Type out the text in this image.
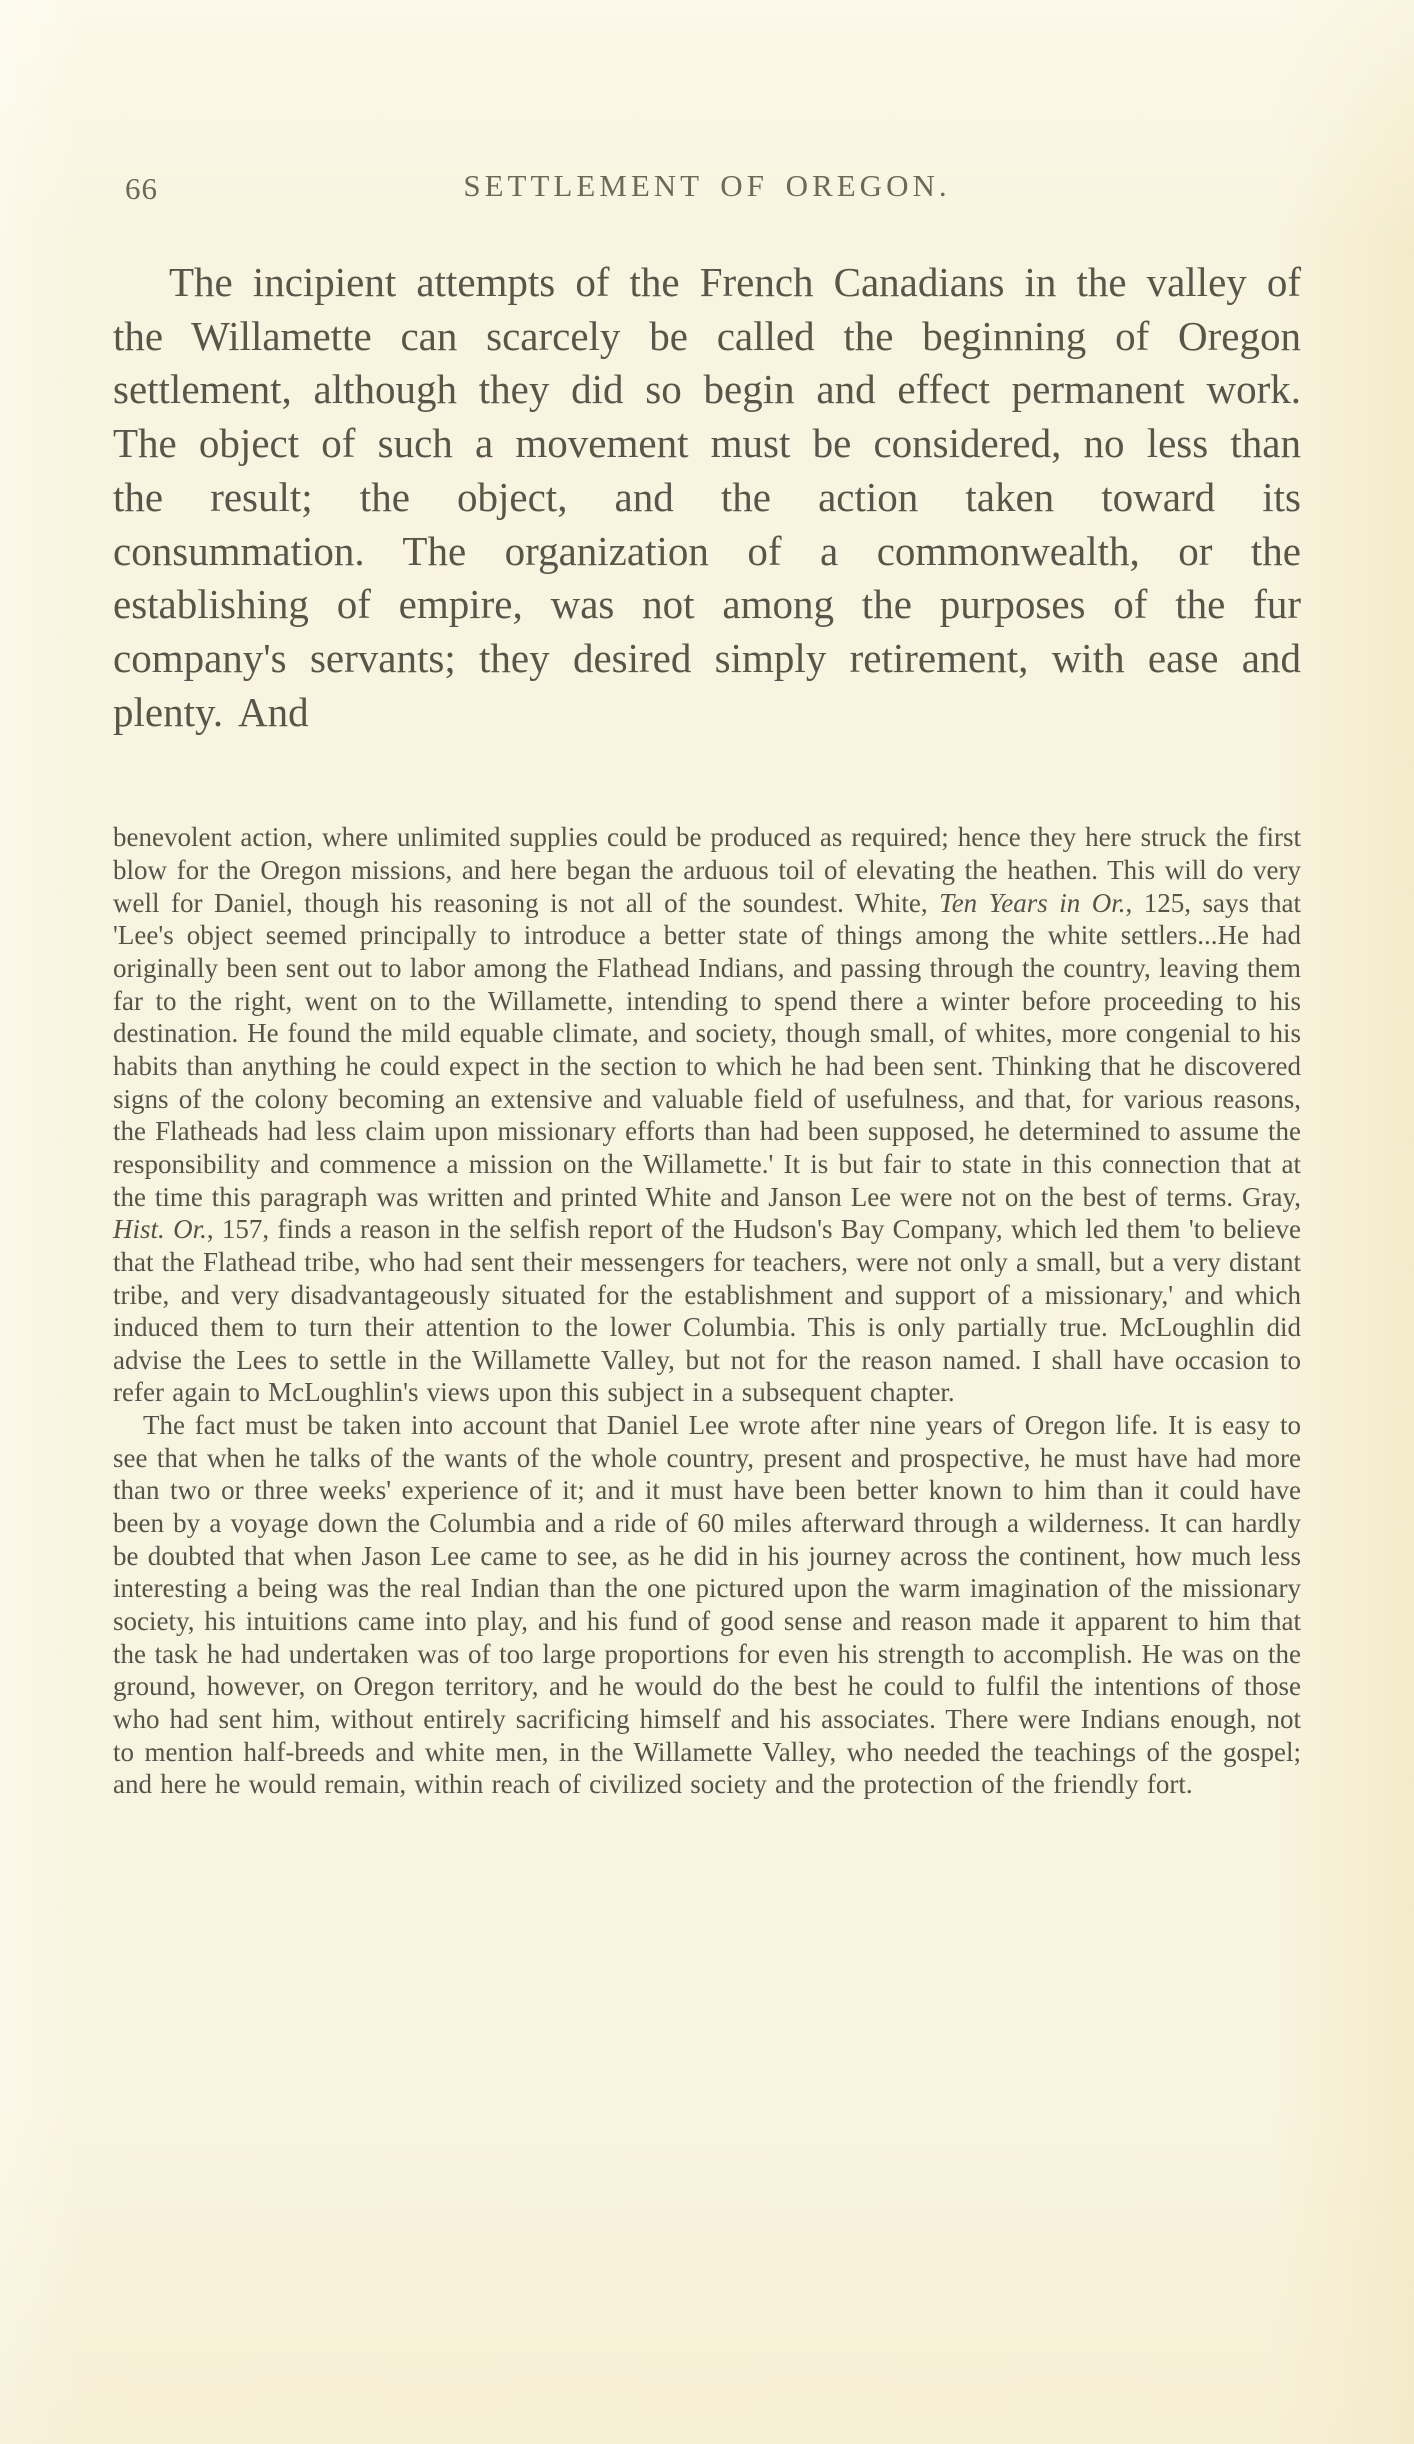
66	SETTLEMENT OF OREGON.

The incipient attempts of the French Canadians in the valley of the Willamette can scarcely be called the beginning of Oregon settlement, although they did so begin and effect permanent work. The object of such a movement must be considered, no less than the result; the object, and the action taken toward its consummation. The organization of a commonwealth, or the establishing of empire, was not among the purposes of the fur company's servants; they desired simply retirement, with ease and plenty. And

benevolent action, where unlimited supplies could be produced as required; hence they here struck the first blow for the Oregon missions, and here began the arduous toil of elevating the heathen. This will do very well for Daniel, though his reasoning is not all of the soundest. White, Ten Years in Or., 125, says that 'Lee's object seemed principally to introduce a better state of things among the white settlers...He had originally been sent out to labor among the Flathead Indians, and passing through the country, leaving them far to the right, went on to the Willamette, intending to spend there a winter before proceeding to his destination. He found the mild equable climate, and society, though small, of whites, more congenial to his habits than anything he could expect in the section to which he had been sent. Thinking that he discovered signs of the colony becoming an extensive and valuable field of usefulness, and that, for various reasons, the Flatheads had less claim upon missionary efforts than had been supposed, he determined to assume the responsibility and commence a mission on the Willamette.' It is but fair to state in this connection that at the time this paragraph was written and printed White and Janson Lee were not on the best of terms. Gray, Hist. Or., 157, finds a reason in the selfish report of the Hudson's Bay Company, which led them 'to believe that the Flathead tribe, who had sent their messengers for teachers, were not only a small, but a very distant tribe, and very disadvantageously situated for the establishment and support of a missionary,' and which induced them to turn their attention to the lower Columbia. This is only partially true. McLoughlin did advise the Lees to settle in the Willamette Valley, but not for the reason named. I shall have occasion to refer again to McLoughlin's views upon this subject in a subsequent chapter.

The fact must be taken into account that Daniel Lee wrote after nine years of Oregon life. It is easy to see that when he talks of the wants of the whole country, present and prospective, he must have had more than two or three weeks' experience of it; and it must have been better known to him than it could have been by a voyage down the Columbia and a ride of 60 miles afterward through a wilderness. It can hardly be doubted that when Jason Lee came to see, as he did in his journey across the continent, how much less interesting a being was the real Indian than the one pictured upon the warm imagination of the missionary society, his intuitions came into play, and his fund of good sense and reason made it apparent to him that the task he had undertaken was of too large proportions for even his strength to accomplish. He was on the ground, however, on Oregon territory, and he would do the best he could to fulfil the intentions of those who had sent him, without entirely sacrificing himself and his associates. There were Indians enough, not to mention half-breeds and white men, in the Willamette Valley, who needed the teachings of the gospel; and here he would remain, within reach of civilized society and the protection of the friendly fort.
